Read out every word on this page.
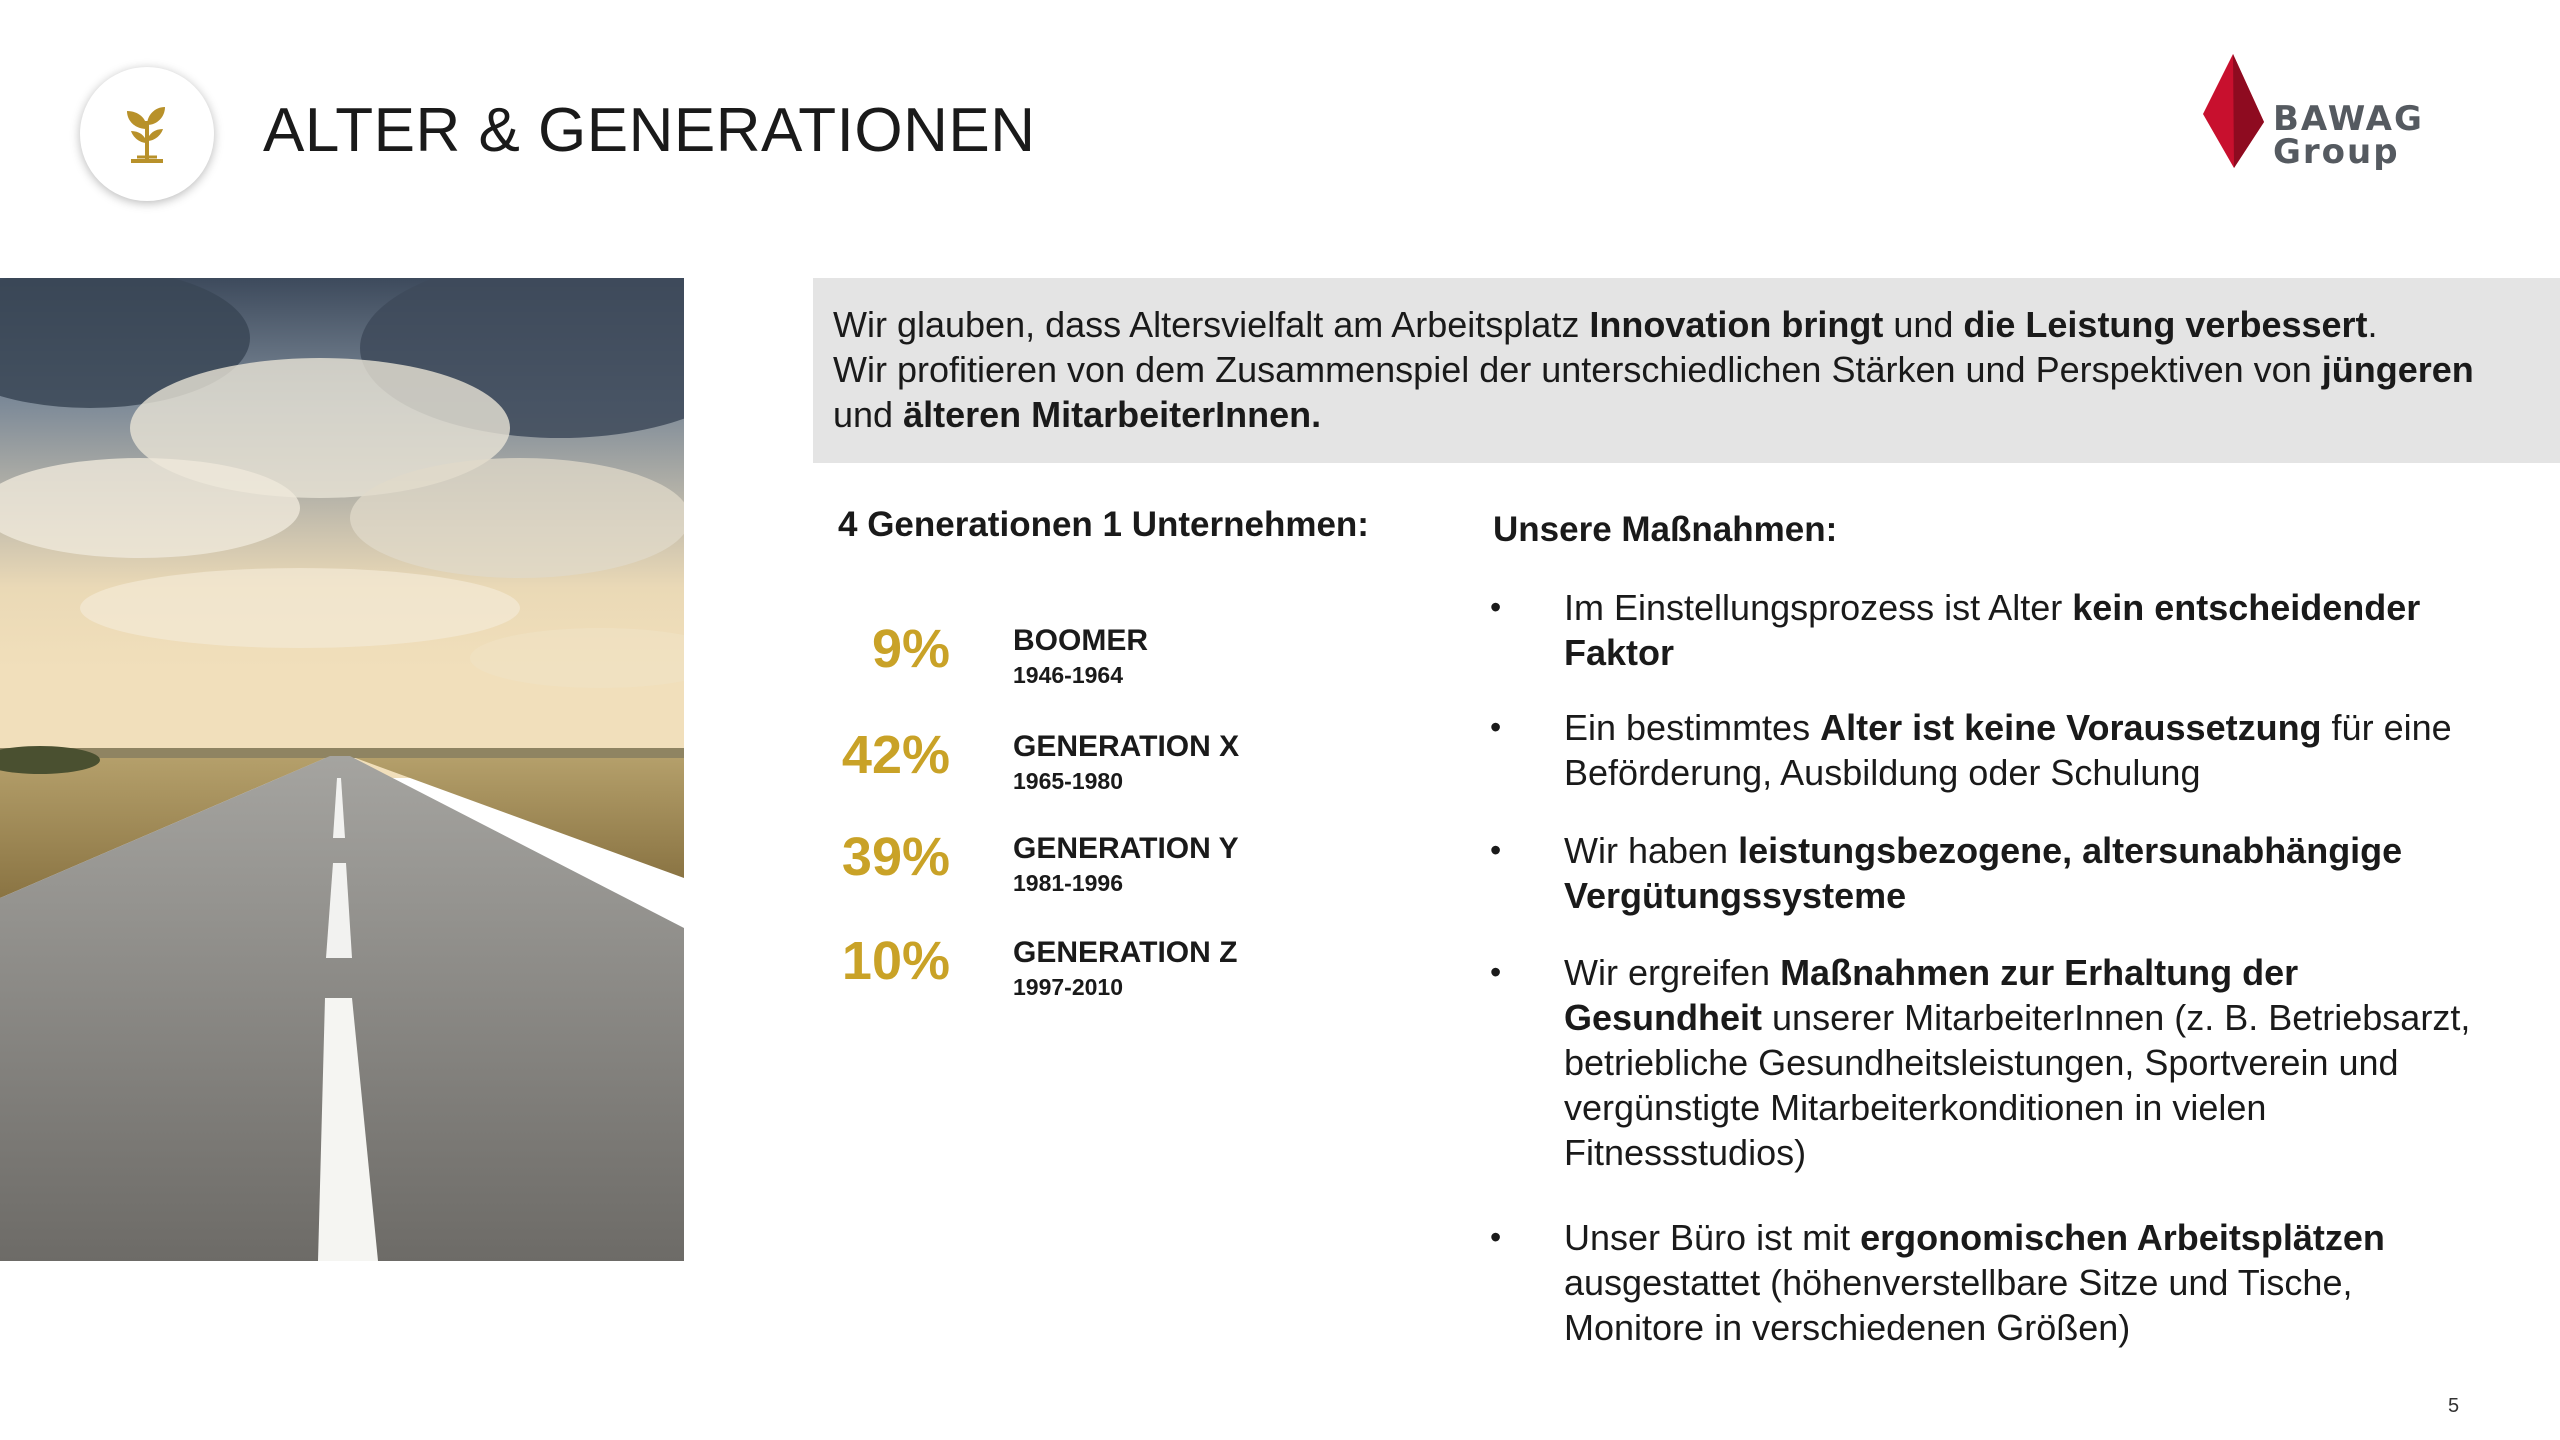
ALTER & GENERATIONEN	BAWAG
Group

Wir glauben, dass Altersvielfalt am Arbeitsplatz Innovation bringt und die Leistung verbessert.

Wir profitieren von dem Zusammenspiel der unterschiedlichen Stärken und Perspektiven von jüngeren

und älteren MitarbeiterInnen.

4 Generationen 1 Unternehmen:
9% BOOMER
1946-1964
42% GENERATION X
1965-1980
39% GENERATION Y
1981-1996
10% GENERATION Z
1997-2010
Unsere Maßnahmen:
• Im Einstellungsprozess ist Alter kein entscheidender
Faktor
• Ein bestimmtes Alter ist keine Voraussetzung für eine
Beförderung, Ausbildung oder Schulung
• Wir haben leistungsbezogene, altersunabhängige
Vergütungssysteme
• Wir ergreifen Maßnahmen zur Erhaltung der
Gesundheit unserer MitarbeiterInnen (z. B. Betriebsarzt,
betriebliche Gesundheitsleistungen, Sportverein und
vergünstigte Mitarbeiterkonditionen in vielen
Fitnessstudios)
• Unser Büro ist mit ergonomischen Arbeitsplätzen
ausgestattet (höhenverstellbare Sitze und Tische,
Monitore in verschiedenen Größen)
5
